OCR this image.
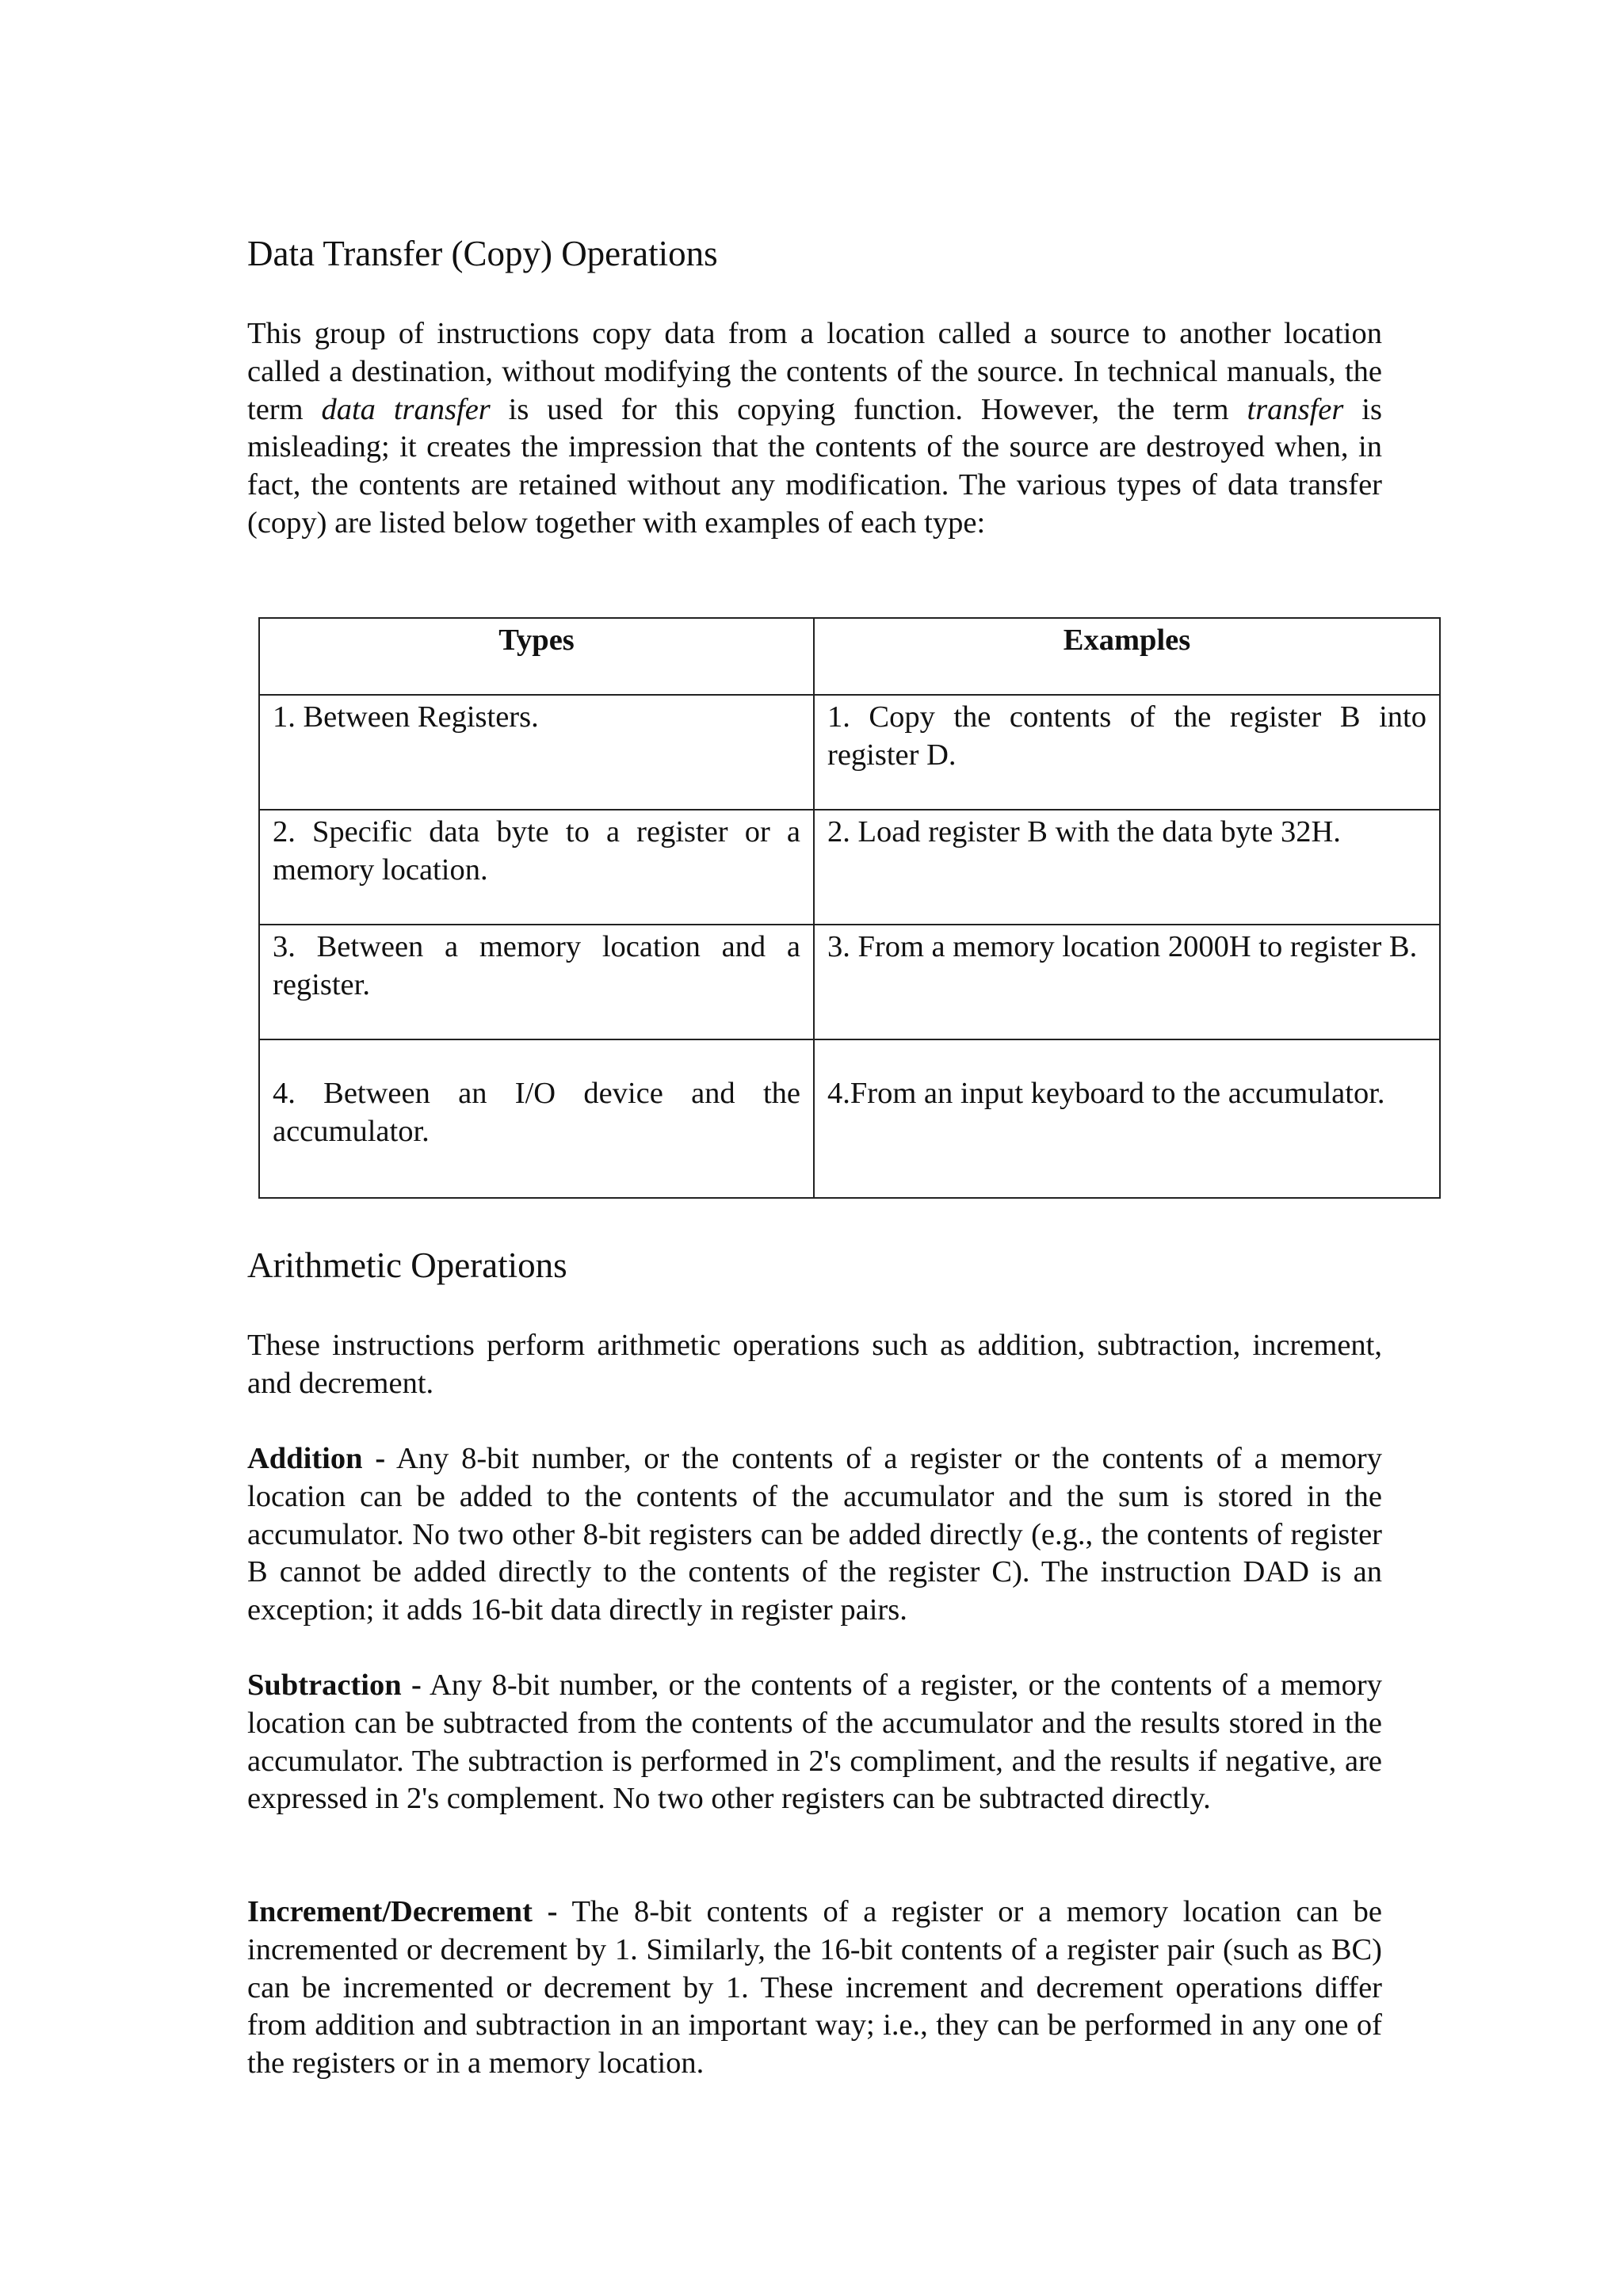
Data Transfer (Copy) Operations

This group of instructions copy data from a location called a source to another location called a destination, without modifying the contents of the source. In technical manuals, the term data transfer is used for this copying function. However, the term transfer is misleading; it creates the impression that the contents of the source are destroyed when, in fact, the contents are retained without any modification. The various types of data transfer (copy) are listed below together with examples of each type:

Types	Examples

1. Between Registers.	1. Copy the contents of the register B into register D.

2. Specific data byte to a register or a memory location.	2. Load register B with the data byte 32H.

3. Between a memory location and a register.	3. From a memory location 2000H to register B.

4. Between an I/O device and the accumulator.	4.From an input keyboard to the accumulator.
Arithmetic Operations

These instructions perform arithmetic operations such as addition, subtraction, increment, and decrement.

Addition - Any 8-bit number, or the contents of a register or the contents of a memory location can be added to the contents of the accumulator and the sum is stored in the accumulator. No two other 8-bit registers can be added directly (e.g., the contents of register B cannot be added directly to the contents of the register C). The instruction DAD is an exception; it adds 16-bit data directly in register pairs.

Subtraction - Any 8-bit number, or the contents of a register, or the contents of a memory location can be subtracted from the contents of the accumulator and the results stored in the accumulator. The subtraction is performed in 2's compliment, and the results if negative, are expressed in 2's complement. No two other registers can be subtracted directly.

Increment/Decrement - The 8-bit contents of a register or a memory location can be incremented or decrement by 1. Similarly, the 16-bit contents of a register pair (such as BC) can be incremented or decrement by 1. These increment and decrement operations differ from addition and subtraction in an important way; i.e., they can be performed in any one of the registers or in a memory location.
